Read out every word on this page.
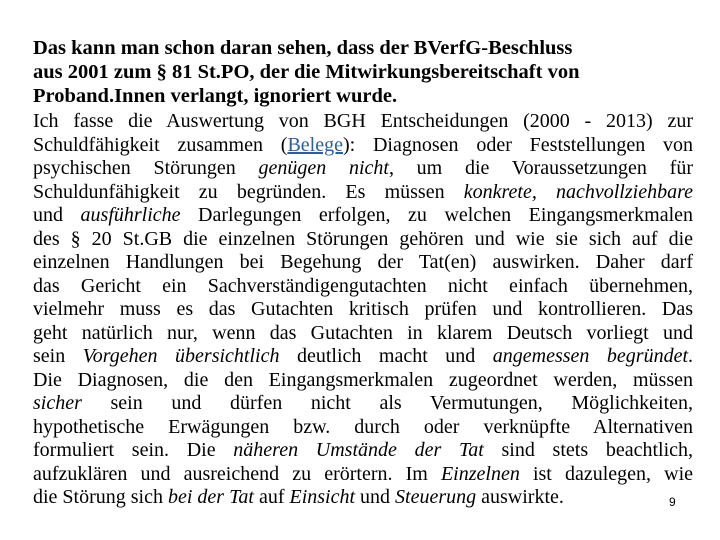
Das kann man schon daran sehen, dass der BVerfG-Beschluss
aus 2001 zum § 81 St.PO, der die Mitwirkungsbereitschaft von
Proband.Innen verlangt, ignoriert wurde.
Ich fasse die Auswertung von BGH Entscheidungen (2000 - 2013) zur
Schuldfähigkeit zusammen (Belege): Diagnosen oder Feststellungen von
psychischen Störungen genügen nicht, um die Voraussetzungen für
Schuldunfähigkeit zu begründen. Es müssen konkrete, nachvollziehbare
und ausführliche Darlegungen erfolgen, zu welchen Eingangsmerkmalen
des § 20 St.GB die einzelnen Störungen gehören und wie sie sich auf die
einzelnen Handlungen bei Begehung der Tat(en) auswirken. Daher darf
das Gericht ein Sachverständigengutachten nicht einfach übernehmen,
vielmehr muss es das Gutachten kritisch prüfen und kontrollieren. Das
geht natürlich nur, wenn das Gutachten in klarem Deutsch vorliegt und
sein Vorgehen übersichtlich deutlich macht und angemessen begründet.
Die Diagnosen, die den Eingangsmerkmalen zugeordnet werden, müssen
sicher sein und dürfen nicht als Vermutungen, Möglichkeiten,
hypothetische Erwägungen bzw. durch oder verknüpfte Alternativen
formuliert sein. Die näheren Umstände der Tat sind stets beachtlich,
aufzuklären und ausreichend zu erörtern. Im Einzelnen ist dazulegen, wie
die Störung sich bei der Tat auf Einsicht und Steuerung auswirkte.	9
